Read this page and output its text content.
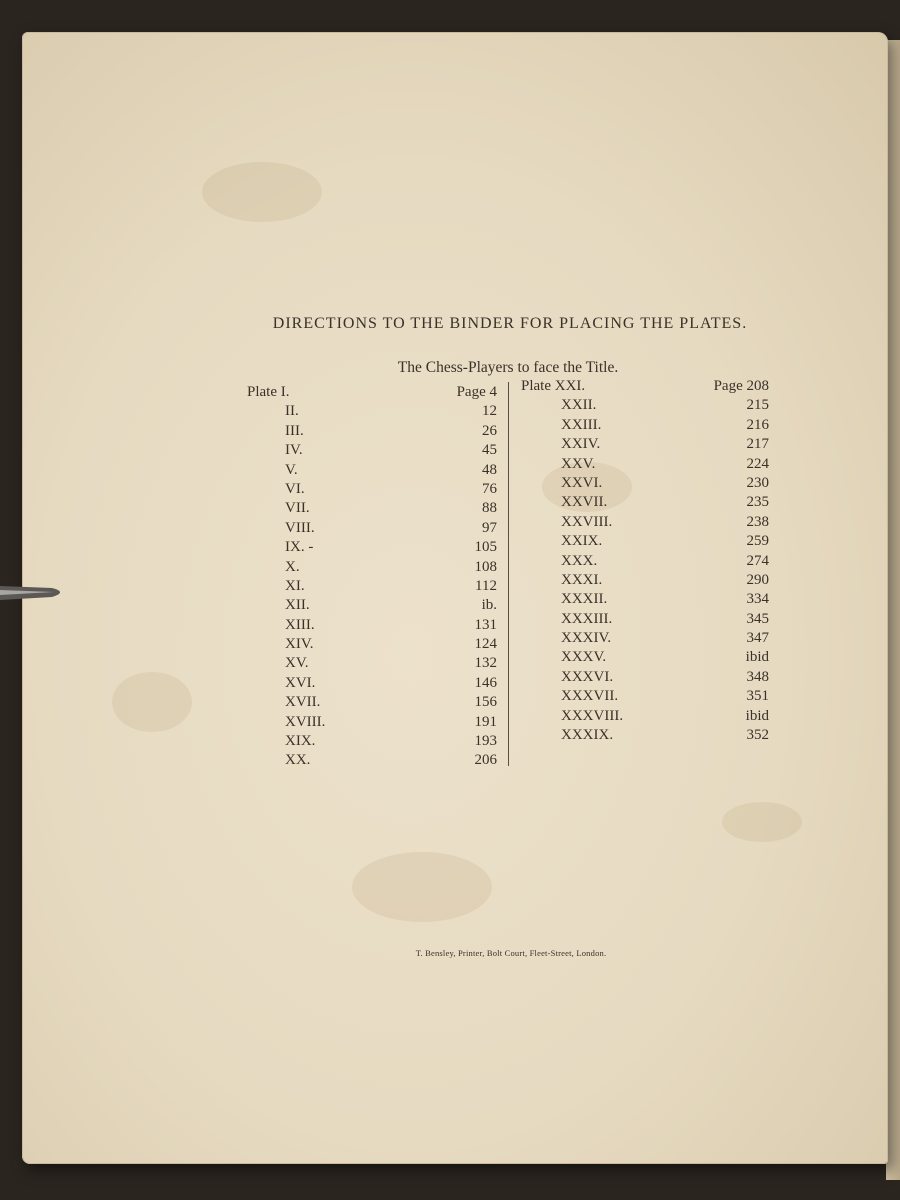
DIRECTIONS TO THE BINDER FOR PLACING THE PLATES.
The Chess-Players to face the Title.
Plate I.	Page 4
II.	12
III.	26
IV.	45
V.	48
VI.	76
VII.	88
VIII.	97
IX. -	105
X.	108
XI.	112
XII.	ib.
XIII.	131
XIV.	124
XV.	132
XVI.	146
XVII.	156
XVIII.	191
XIX.	193
XX.	206
Plate XXI.	Page 208
XXII.	215
XXIII.	216
XXIV.	217
XXV.	224
XXVI.	230
XXVII.	235
XXVIII.	238
XXIX.	259
XXX.	274
XXXI.	290
XXXII.	334
XXXIII.	345
XXXIV.	347
XXXV.	ibid
XXXVI.	348
XXXVII.	351
XXXVIII.	ibid
XXXIX.	352
T. Bensley, Printer, Bolt Court, Fleet-Street, London.
